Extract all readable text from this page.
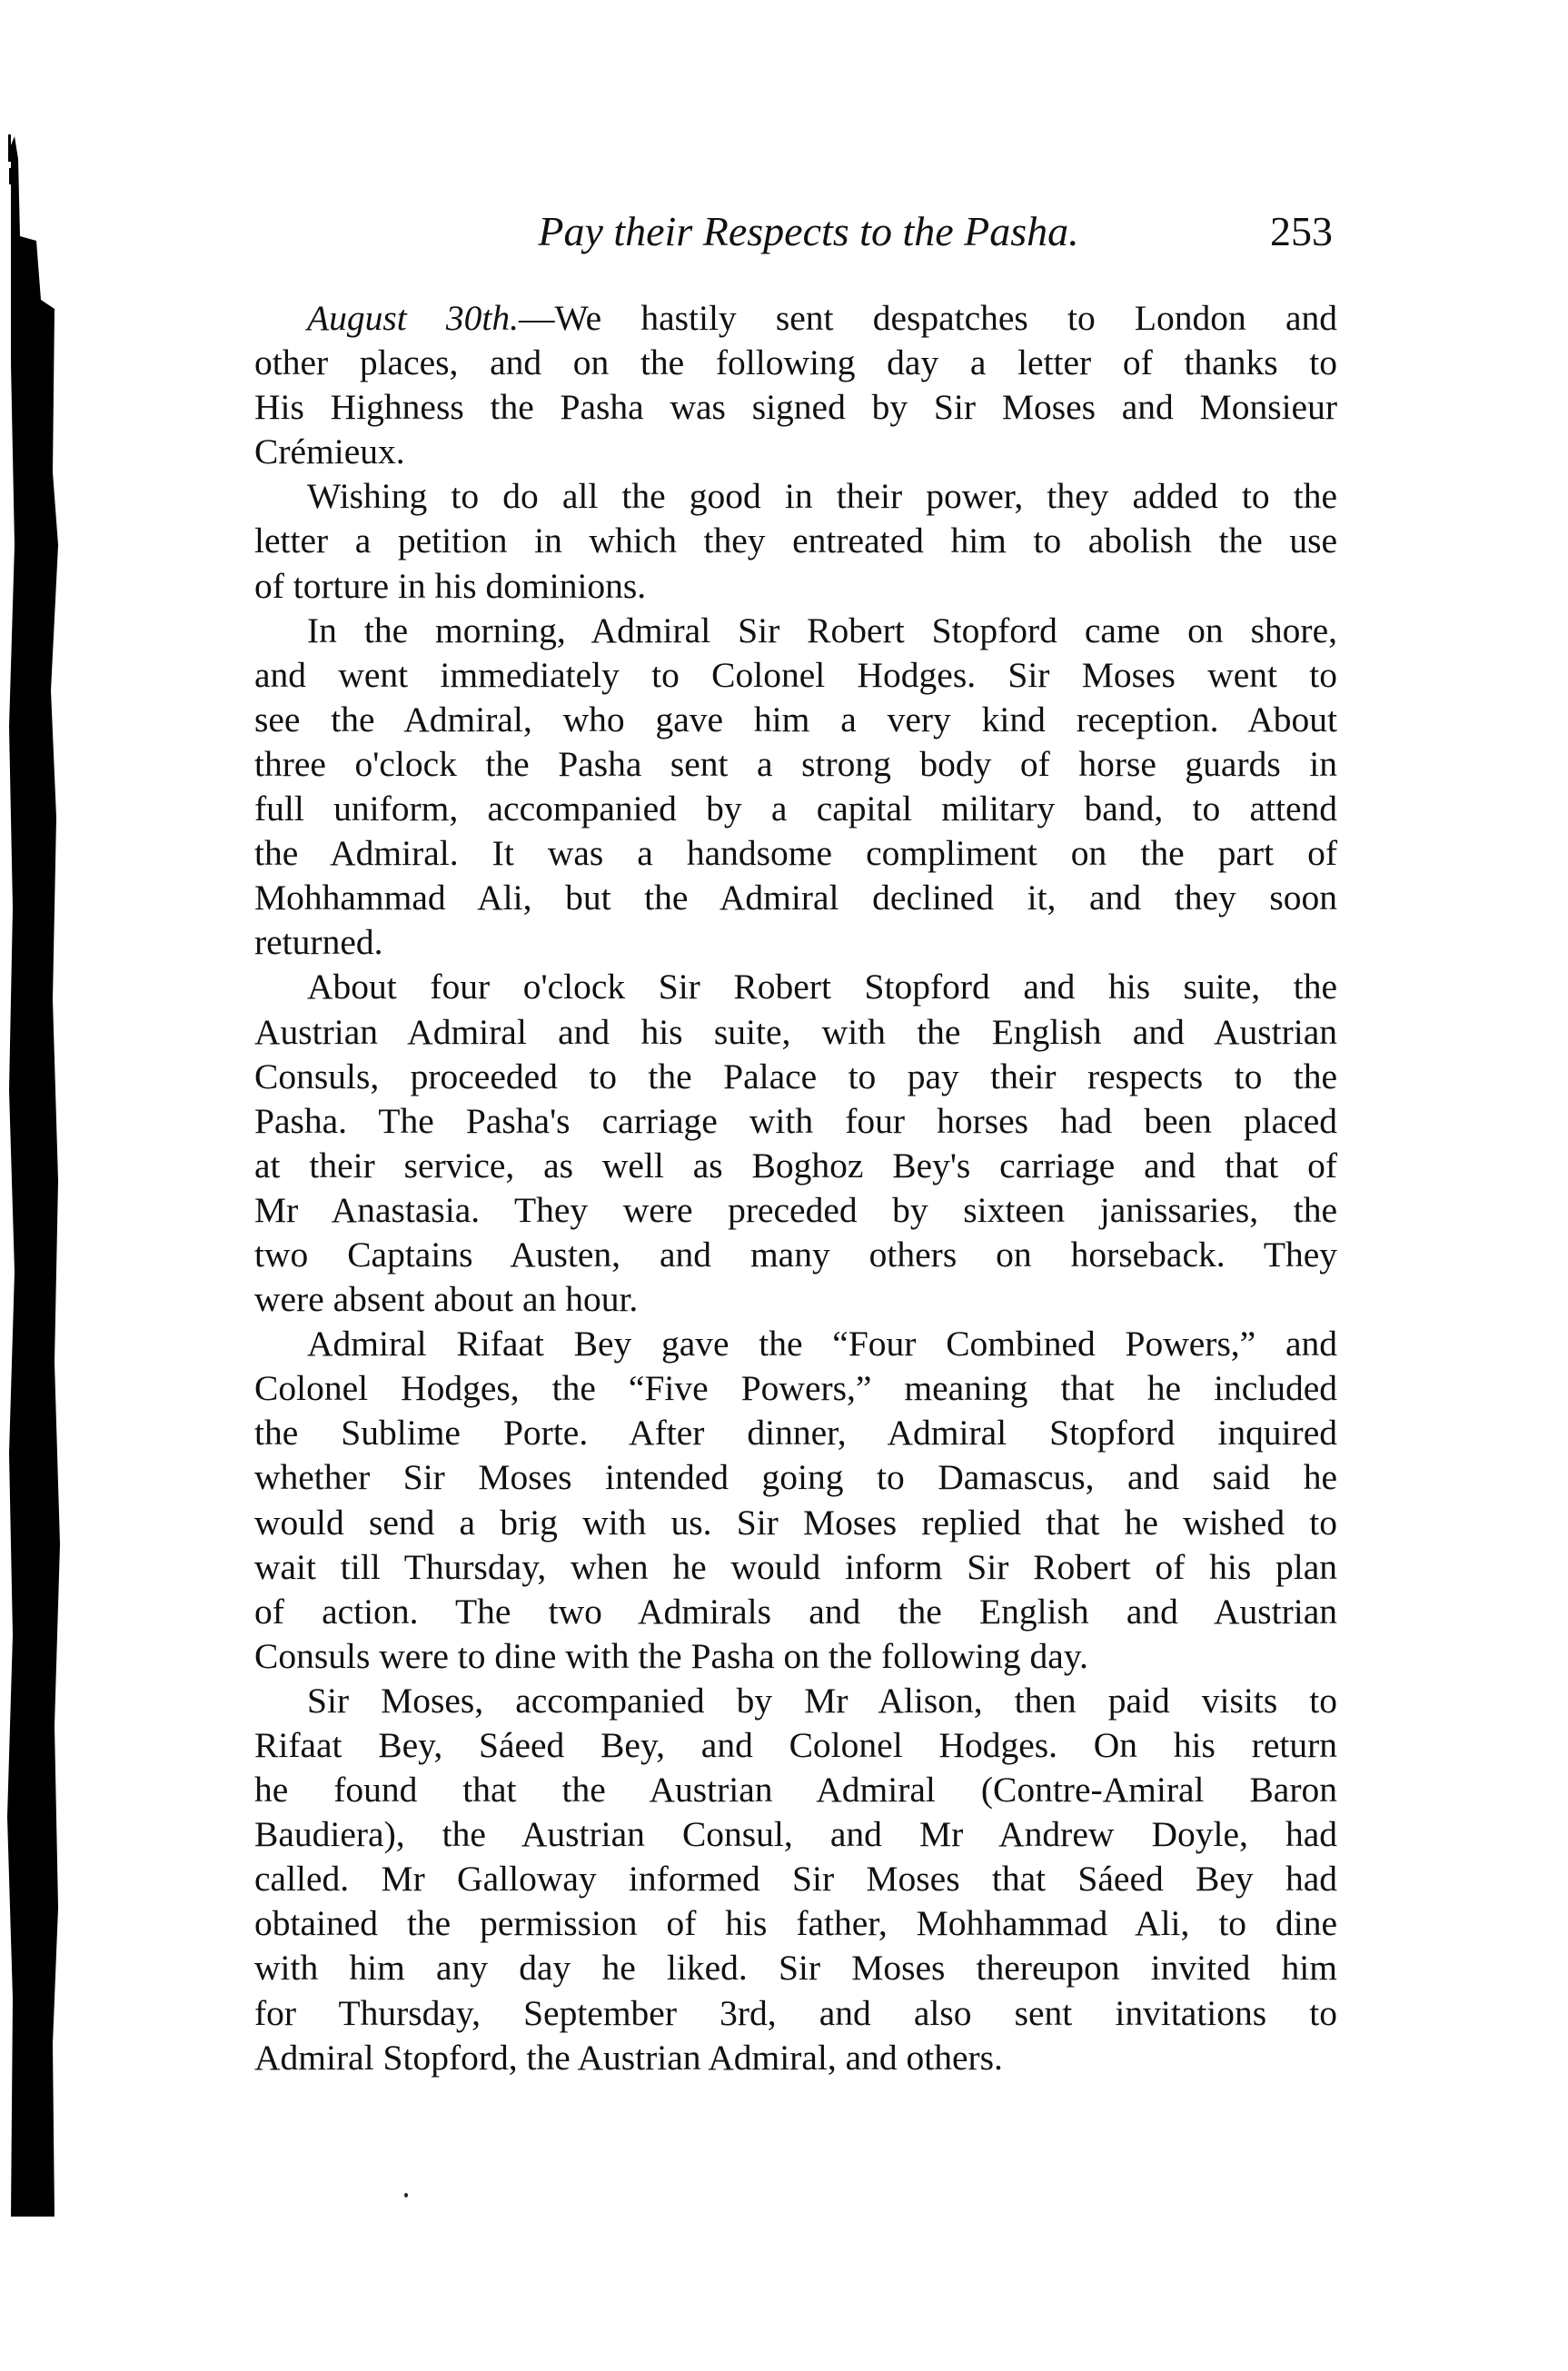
Pay their Respects to the Pasha.	253
August 30th.—We hastily sent despatches to London and
other places, and on the following day a letter of thanks to
His Highness the Pasha was signed by Sir Moses and Monsieur
Crémieux.
Wishing to do all the good in their power, they added to the
letter a petition in which they entreated him to abolish the use
of torture in his dominions.
In the morning, Admiral Sir Robert Stopford came on shore,
and went immediately to Colonel Hodges. Sir Moses went to
see the Admiral, who gave him a very kind reception. About
three o'clock the Pasha sent a strong body of horse guards in
full uniform, accompanied by a capital military band, to attend
the Admiral. It was a handsome compliment on the part of
Mohhammad Ali, but the Admiral declined it, and they soon
returned.
About four o'clock Sir Robert Stopford and his suite, the
Austrian Admiral and his suite, with the English and Austrian
Consuls, proceeded to the Palace to pay their respects to the
Pasha. The Pasha's carriage with four horses had been placed
at their service, as well as Boghoz Bey's carriage and that of
Mr Anastasia. They were preceded by sixteen janissaries, the
two Captains Austen, and many others on horseback. They
were absent about an hour.
Admiral Rifaat Bey gave the “Four Combined Powers,” and
Colonel Hodges, the “Five Powers,” meaning that he included
the Sublime Porte. After dinner, Admiral Stopford inquired
whether Sir Moses intended going to Damascus, and said he
would send a brig with us. Sir Moses replied that he wished to
wait till Thursday, when he would inform Sir Robert of his plan
of action. The two Admirals and the English and Austrian
Consuls were to dine with the Pasha on the following day.
Sir Moses, accompanied by Mr Alison, then paid visits to
Rifaat Bey, Sáeed Bey, and Colonel Hodges. On his return
he found that the Austrian Admiral (Contre-Amiral Baron
Baudiera), the Austrian Consul, and Mr Andrew Doyle, had
called. Mr Galloway informed Sir Moses that Sáeed Bey had
obtained the permission of his father, Mohhammad Ali, to dine
with him any day he liked. Sir Moses thereupon invited him
for Thursday, September 3rd, and also sent invitations to
Admiral Stopford, the Austrian Admiral, and others.
